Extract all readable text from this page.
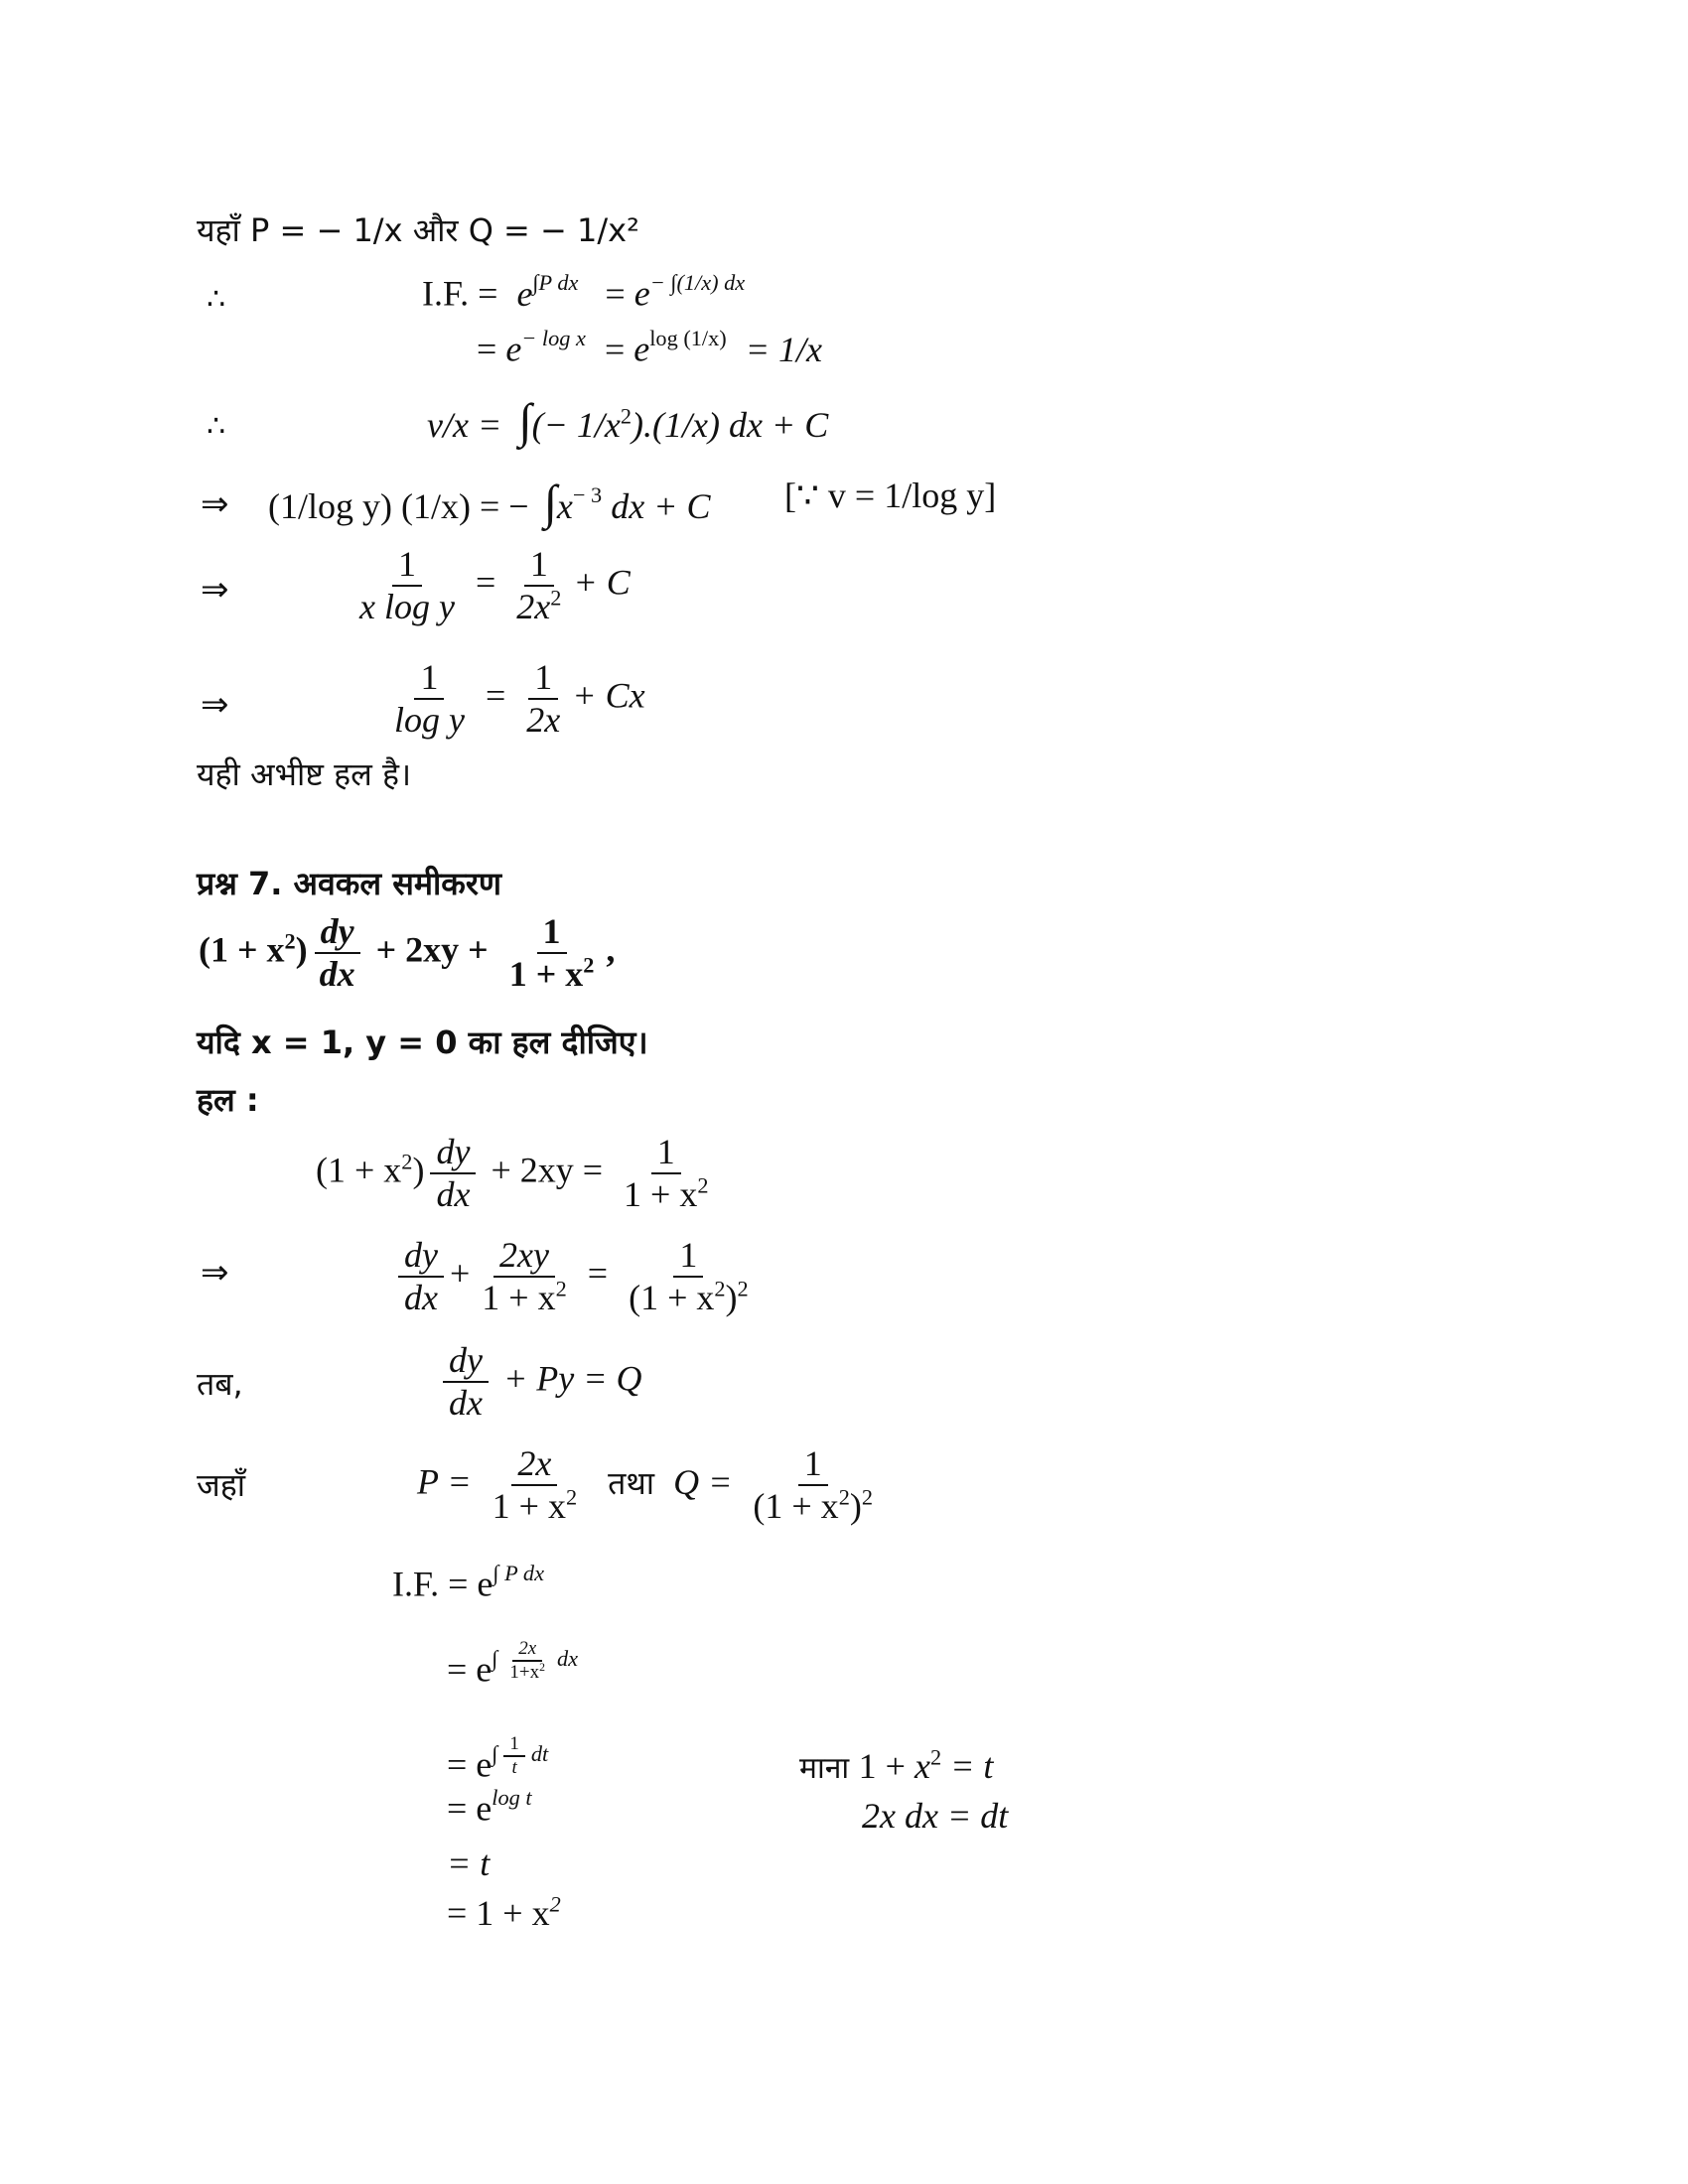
यहाँ P = − 1/x और Q = − 1/x²
∴	I.F. = e∫P dx = e− ∫(1/x) dx
= e− log x = elog (1/x) = 1/x
∴	v/x = ∫(− $1/x^2).(1/x)$ dx + C
⇒ (1/log y) (1/x) = − ∫x− 3 dx + C [∵ v = 1/log y]
⇒	$\frac{1}{\text{x log y}} = \frac{1}{2x^2} + C$
⇒	$\frac{1}{\text{log y}} = \frac{1}{2x} + Cx$
यही अभीष्ट हल है।
प्रश्न 7. अवकल समीकरण
$(1 + x^2) \frac{dy}{dx} + 2xy + \frac{1}{1 + x^2}$ ,
यदि x = 1, y = 0 का हल दीजिए।
हल :
$(1 + x^2) \frac{dy}{dx} + 2xy = \frac{1}{1 + x^2}$
⇒	$\frac{dy}{dx} + \frac{2xy}{1 + x^2} = \frac{1}{(1 + x^2)^2}$
तब,	$\frac{dy}{dx} + Py = Q$
जहाँ	$P = \frac{2x}{1 + x^2}$ तथा $Q = \frac{1}{(1 + x^2)^2}$
I.F. = e∫ P dx
= $e\int \frac{2x}{1+x^2}$ dx
= $e\int \frac{1}{t}$ dt
= elog t
= t
= $1 + x^2$
माना $1 + x^2 = t$
2x dx = dt
